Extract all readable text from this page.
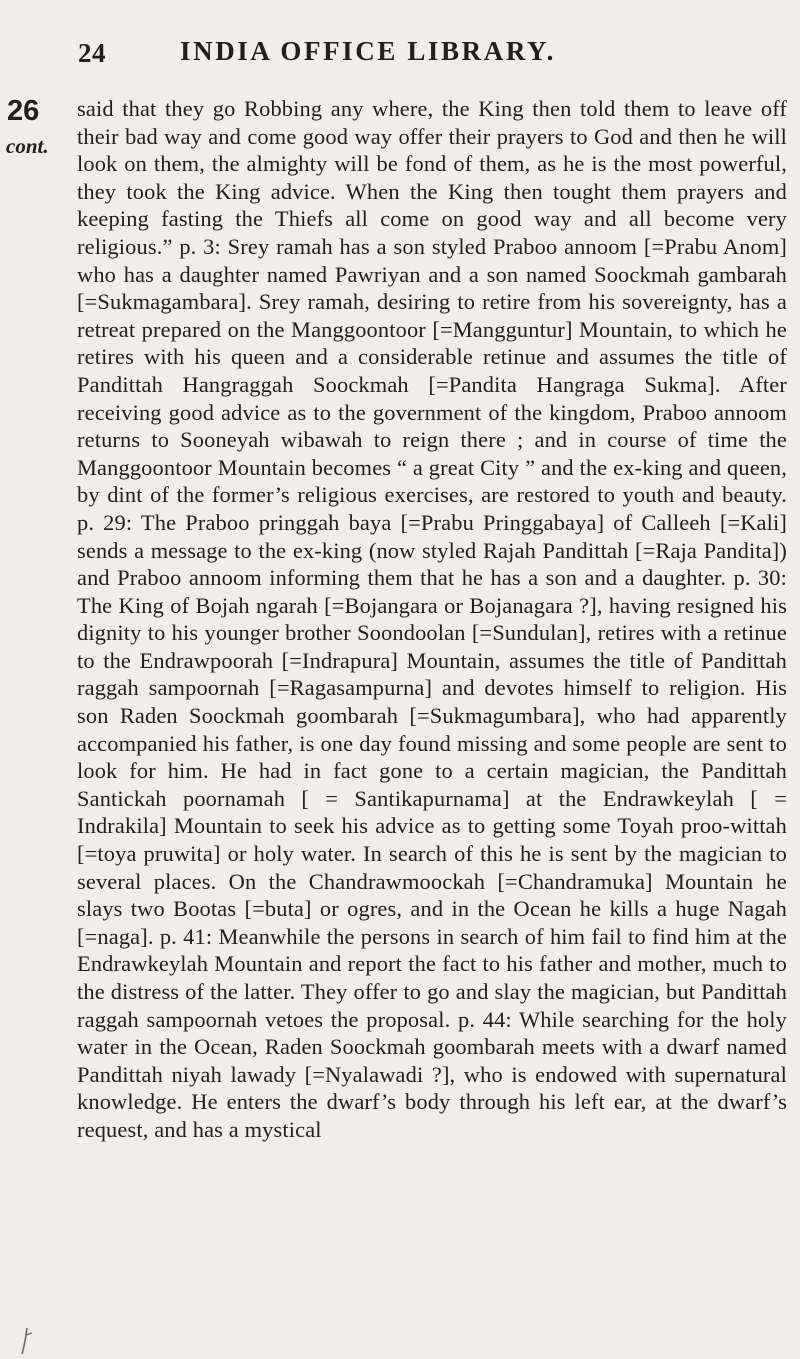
24	INDIA OFFICE LIBRARY.
26
cont.

said that they go Robbing any where, the King then told them to leave off their bad way and come good way offer their prayers to God and then he will look on them, the almighty will be fond of them, as he is the most powerful, they took the King advice. When the King then tought them prayers and keeping fasting the Thiefs all come on good way and all become very religious.” p. 3: Srey ramah has a son styled Praboo annoom [=Prabu Anom] who has a daughter named Pawriyan and a son named Soockmah gambarah [=Sukmagambara]. Srey ramah, desiring to retire from his sovereignty, has a retreat prepared on the Manggoontoor [=Mangguntur] Mountain, to which he retires with his queen and a considerable retinue and assumes the title of Pandittah Hangraggah Soockmah [=Pandita Hangraga Sukma]. After receiving good advice as to the government of the kingdom, Praboo annoom returns to Sooneyah wibawah to reign there ; and in course of time the Manggoontoor Mountain becomes “ a great City ” and the ex-king and queen, by dint of the former’s religious exercises, are restored to youth and beauty. p. 29: The Praboo pringgah baya [=Prabu Pringgabaya] of Calleeh [=Kali] sends a message to the ex-king (now styled Rajah Pandittah [=Raja Pandita]) and Praboo annoom informing them that he has a son and a daughter. p. 30: The King of Bojah ngarah [=Bojangara or Bojanagara ?], having resigned his dignity to his younger brother Soondoolan [=Sundulan], retires with a retinue to the Endrawpoorah [=Indrapura] Mountain, assumes the title of Pandittah raggah sampoornah [=Ragasampurna] and devotes himself to religion. His son Raden Soockmah goombarah [=Sukmagumbara], who had apparently accompanied his father, is one day found missing and some people are sent to look for him. He had in fact gone to a certain magician, the Pandittah Santickah poornamah [ = Santikapurnama] at the Endrawkeylah [ = Indrakila] Mountain to seek his advice as to getting some Toyah proo-wittah [=toya pruwita] or holy water. In search of this he is sent by the magician to several places. On the Chandrawmoockah [=Chandramuka] Mountain he slays two Bootas [=buta] or ogres, and in the Ocean he kills a huge Nagah [=naga]. p. 41: Meanwhile the persons in search of him fail to find him at the Endrawkeylah Mountain and report the fact to his father and mother, much to the distress of the latter. They offer to go and slay the magician, but Pandittah raggah sampoornah vetoes the proposal. p. 44: While searching for the holy water in the Ocean, Raden Soockmah goombarah meets with a dwarf named Pandittah niyah lawady [=Nyalawadi ?], who is endowed with supernatural knowledge. He enters the dwarf’s body through his left ear, at the dwarf’s request, and has a mystical
